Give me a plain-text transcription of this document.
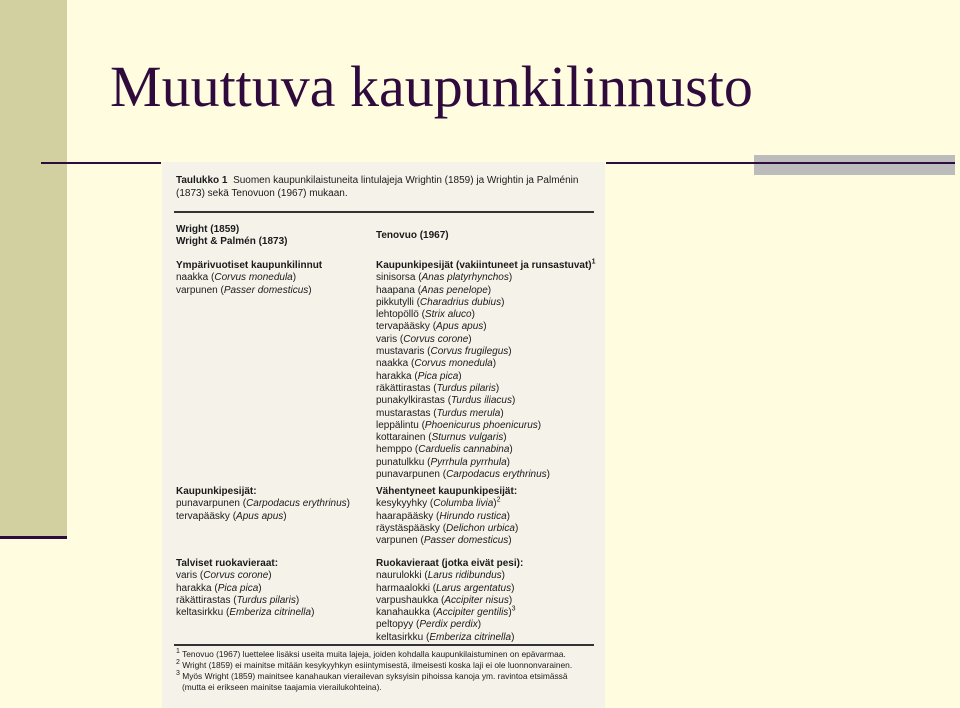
Muuttuva kaupunkilinnusto
Taulukko 1 Suomen kaupunkilaistuneita lintulajeja Wrightin (1859) ja Wrightin ja Palménin (1873) sekä Tenovuon (1967) mukaan.
Wright (1859)
Wright & Palmén (1873)
Tenovuo (1967)
Ympärivuotiset kaupunkilinnut
naakka (Corvus monedula)
varpunen (Passer domesticus)
Kaupunkipesijät (vakiintuneet ja runsastuvat)$^1$
sinisorsa (Anas platyrhynchos)
haapana (Anas penelope)
pikkutylli (Charadrius dubius)
lehtopöllö (Strix aluco)
tervapääsky (Apus apus)
varis (Corvus corone)
mustavaris (Corvus frugilegus)
naakka (Corvus monedula)
harakka (Pica pica)
räkättirastas (Turdus pilaris)
punakylkirastas (Turdus iliacus)
mustarastas (Turdus merula)
leppälintu (Phoenicurus phoenicurus)
kottarainen (Sturnus vulgaris)
hemppo (Carduelis cannabina)
punatulkku (Pyrrhula pyrrhula)
punavarpunen (Carpodacus erythrinus)
Kaupunkipesijät:
punavarpunen (Carpodacus erythrinus)
tervapääsky (Apus apus)
Vähentyneet kaupunkipesijät:
kesykyyhky (Columba livia)$^2$
haarapääsky (Hirundo rustica)
räystäspääsky (Delichon urbica)
varpunen (Passer domesticus)
Talviset ruokavieraat:
varis (Corvus corone)
harakka (Pica pica)
räkättirastas (Turdus pilaris)
keltasirkku (Emberiza citrinella)
Ruokavieraat (jotka eivät pesi):
naurulokki (Larus ridibundus)
harmaalokki (Larus argentatus)
varpushaukka (Accipiter nisus)
kanahaukka (Accipiter gentilis)$^3$
peltopyy (Perdix perdix)
keltasirkku (Emberiza citrinella)
$^1$ Tenovuo (1967) luettelee lisäksi useita muita lajeja, joiden kohdalla kaupunkilaistuminen on epävarmaa.
$^2$ Wright (1859) ei mainitse mitään kesykyyhkyn esiintymisestä, ilmeisesti koska laji ei ole luonnonvarainen.
$^3$ Myös Wright (1859) mainitsee kanahaukan vierailevan syksyisin pihoissa kanoja ym. ravintoa etsimässä
(mutta ei erikseen mainitse taajamia vierailukohteina).
